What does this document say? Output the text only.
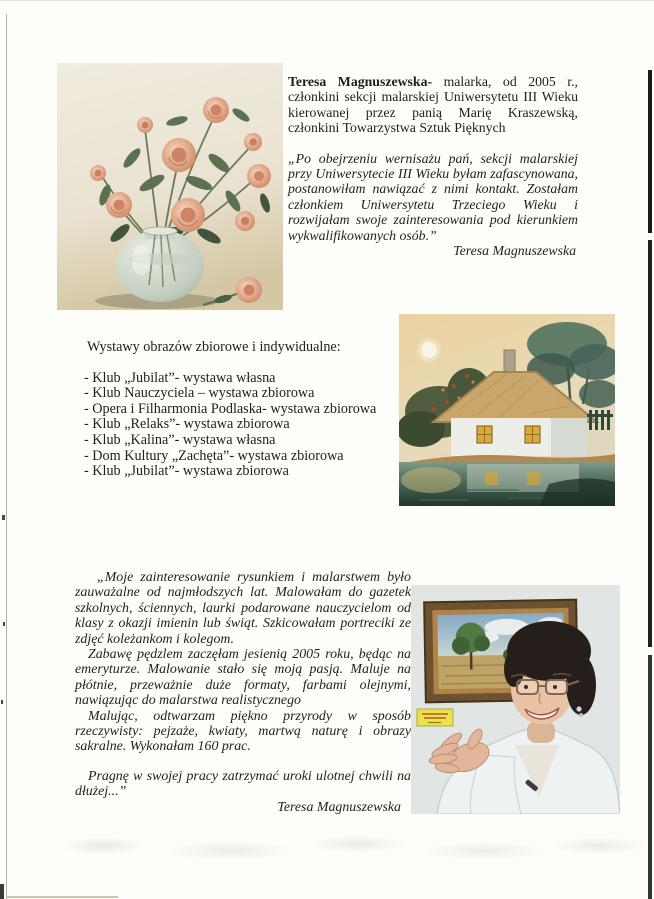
Teresa Magnuszewska- malarka, od 2005 r., członkini sekcji malarskiej Uniwersytetu III Wieku kierowanej przez panią Marię Kraszewską, członkini Towarzystwa Sztuk Pięknych

„Po obejrzeniu wernisażu pań, sekcji malarskiej przy Uniwersytecie III Wieku byłam zafascynowana, postanowiłam nawiązać z nimi kontakt. Zostałam członkiem Uniwersytetu Trzeciego Wieku i rozwijałam swoje zainteresowania pod kierunkiem wykwalifikowanych osób.”

Teresa Magnuszewska

Wystawy obrazów zbiorowe i indywidualne:

- Klub „Jubilat”- wystawa własna

- Klub Nauczyciela – wystawa zbiorowa

- Opera i Filharmonia Podlaska- wystawa zbiorowa

- Klub „Relaks”- wystawa zbiorowa

- Klub „Kalina”- wystawa własna

- Dom Kultury „Zachęta”- wystawa zbiorowa

- Klub „Jubilat”- wystawa zbiorowa

„Moje zainteresowanie rysunkiem i malarstwem było zauważalne od najmłodszych lat. Malowałam do gazetek szkolnych, ściennych, laurki podarowane nauczycielom od klasy z okazji imienin lub świąt. Szkicowałam portreciki ze zdjęć koleżankom i kolegom.

Zabawę pędzlem zaczęłam jesienią 2005 roku, będąc na emeryturze. Malowanie stało się moją pasją. Maluje na płótnie, przeważnie duże formaty, farbami olejnymi, nawiązując do malarstwa realistycznego

Malując, odtwarzam piękno przyrody w sposób rzeczywisty: pejzaże, kwiaty, martwą naturę i obrazy sakralne. Wykonałam 160 prac.

Pragnę w swojej pracy zatrzymać uroki ulotnej chwili na dłużej...”

Teresa Magnuszewska
